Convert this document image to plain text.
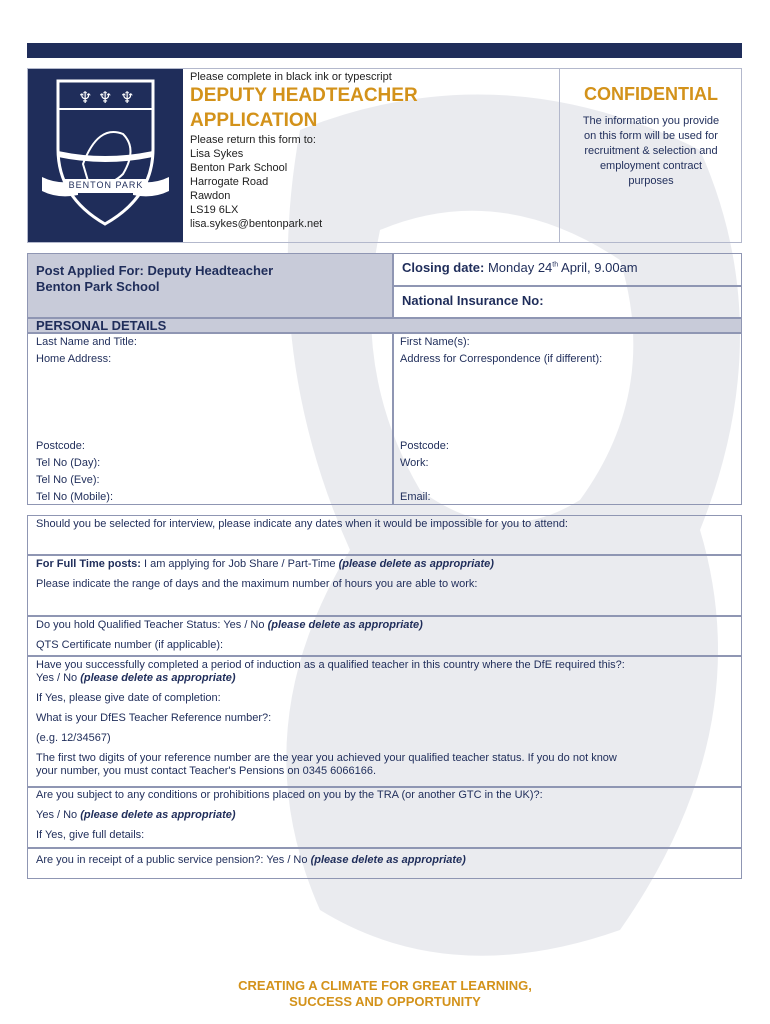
♆ ♆ ♆
BENTON PARK
Please complete in black ink or typescript
DEPUTY HEADTEACHER
APPLICATION
Please return this form to:
Lisa Sykes
Benton Park School
Harrogate Road
Rawdon
LS19 6LX
lisa.sykes@bentonpark.net
CONFIDENTIAL
The information you provide
on this form will be used for
recruitment & selection and
employment contract
purposes
Post Applied For: Deputy Headteacher
Benton Park School
Closing date: Monday 24th April, 9.00am
National Insurance No:
PERSONAL DETAILS
Last Name and Title:
Home Address:
Postcode:
Tel No (Day):
Tel No (Eve):
Tel No (Mobile):
First Name(s):
Address for Correspondence (if different):
Postcode:
Work:
Email:
Should you be selected for interview, please indicate any dates when it would be impossible for you to attend:
For Full Time posts: I am applying for Job Share / Part-Time (please delete as appropriate)
Please indicate the range of days and the maximum number of hours you are able to work:
Do you hold Qualified Teacher Status: Yes / No (please delete as appropriate)
QTS Certificate number (if applicable):
Have you successfully completed a period of induction as a qualified teacher in this country where the DfE required this?:
Yes / No (please delete as appropriate)
If Yes, please give date of completion:
What is your DfES Teacher Reference number?:
(e.g. 12/34567)
The first two digits of your reference number are the year you achieved your qualified teacher status. If you do not know
your number, you must contact Teacher's Pensions on 0345 6066166.
Are you subject to any conditions or prohibitions placed on you by the TRA (or another GTC in the UK)?:
Yes / No (please delete as appropriate)
If Yes, give full details:
Are you in receipt of a public service pension?: Yes / No (please delete as appropriate)
CREATING A CLIMATE FOR GREAT LEARNING,
SUCCESS AND OPPORTUNITY
